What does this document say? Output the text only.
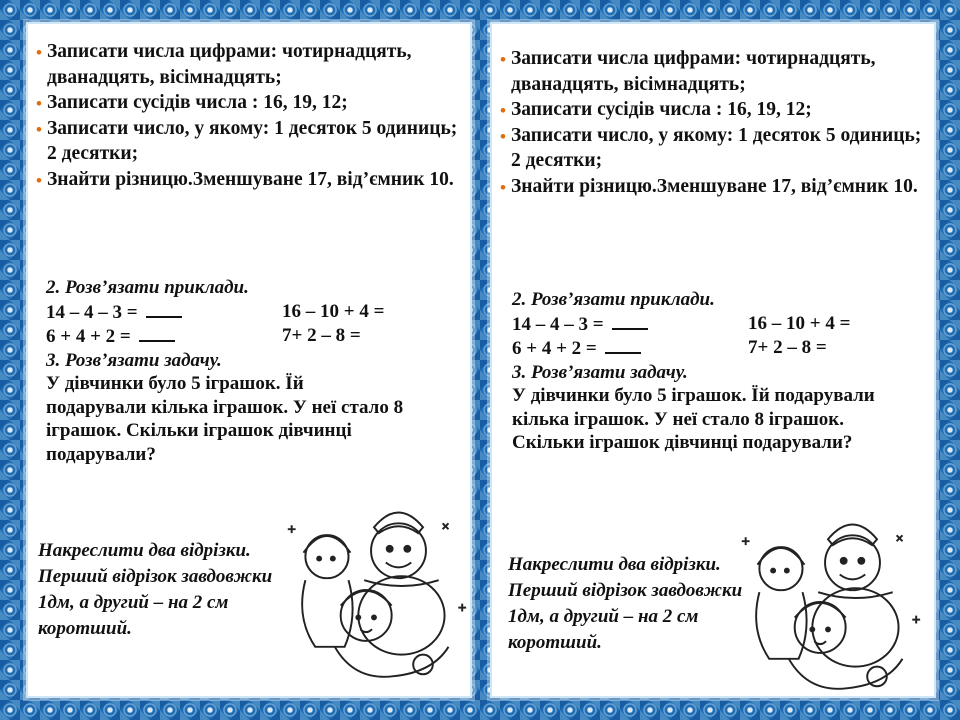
• Записати числа цифрами: чотирнадцять, дванадцять, вісімнадцять;
• Записати сусідів числа : 16, 19, 12;
• Записати число, у якому: 1 десяток 5 одиниць; 2 десятки;
• Знайти різницю.Зменшуване 17, від’ємник 10.
2. Розв’язати приклади.
14 – 4 – 3 =	16 – 10 + 4 =
6 + 4 + 2 =	7+ 2 – 8 =
3. Розв’язати задачу.
У дівчинки було 5 іграшок. Їй подарували кілька іграшок. У неї стало 8 іграшок. Скільки іграшок дівчинці подарували?
Накреслити два відрізки. Перший відрізок завдовжки 1дм, а другий – на 2 см коротший.
• Записати числа цифрами: чотирнадцять, дванадцять, вісімнадцять;
• Записати сусідів числа : 16, 19, 12;
• Записати число, у якому: 1 десяток 5 одиниць; 2 десятки;
• Знайти різницю.Зменшуване 17, від’ємник 10.
2. Розв’язати приклади.
14 – 4 – 3 =	16 – 10 + 4 =
6 + 4 + 2 =	7+ 2 – 8 =
3. Розв’язати задачу.
У дівчинки було 5 іграшок. Їй подарували кілька іграшок. У неї стало 8 іграшок. Скільки іграшок дівчинці подарували?
Накреслити два відрізки. Перший відрізок завдовжки 1дм, а другий – на 2 см коротший.
